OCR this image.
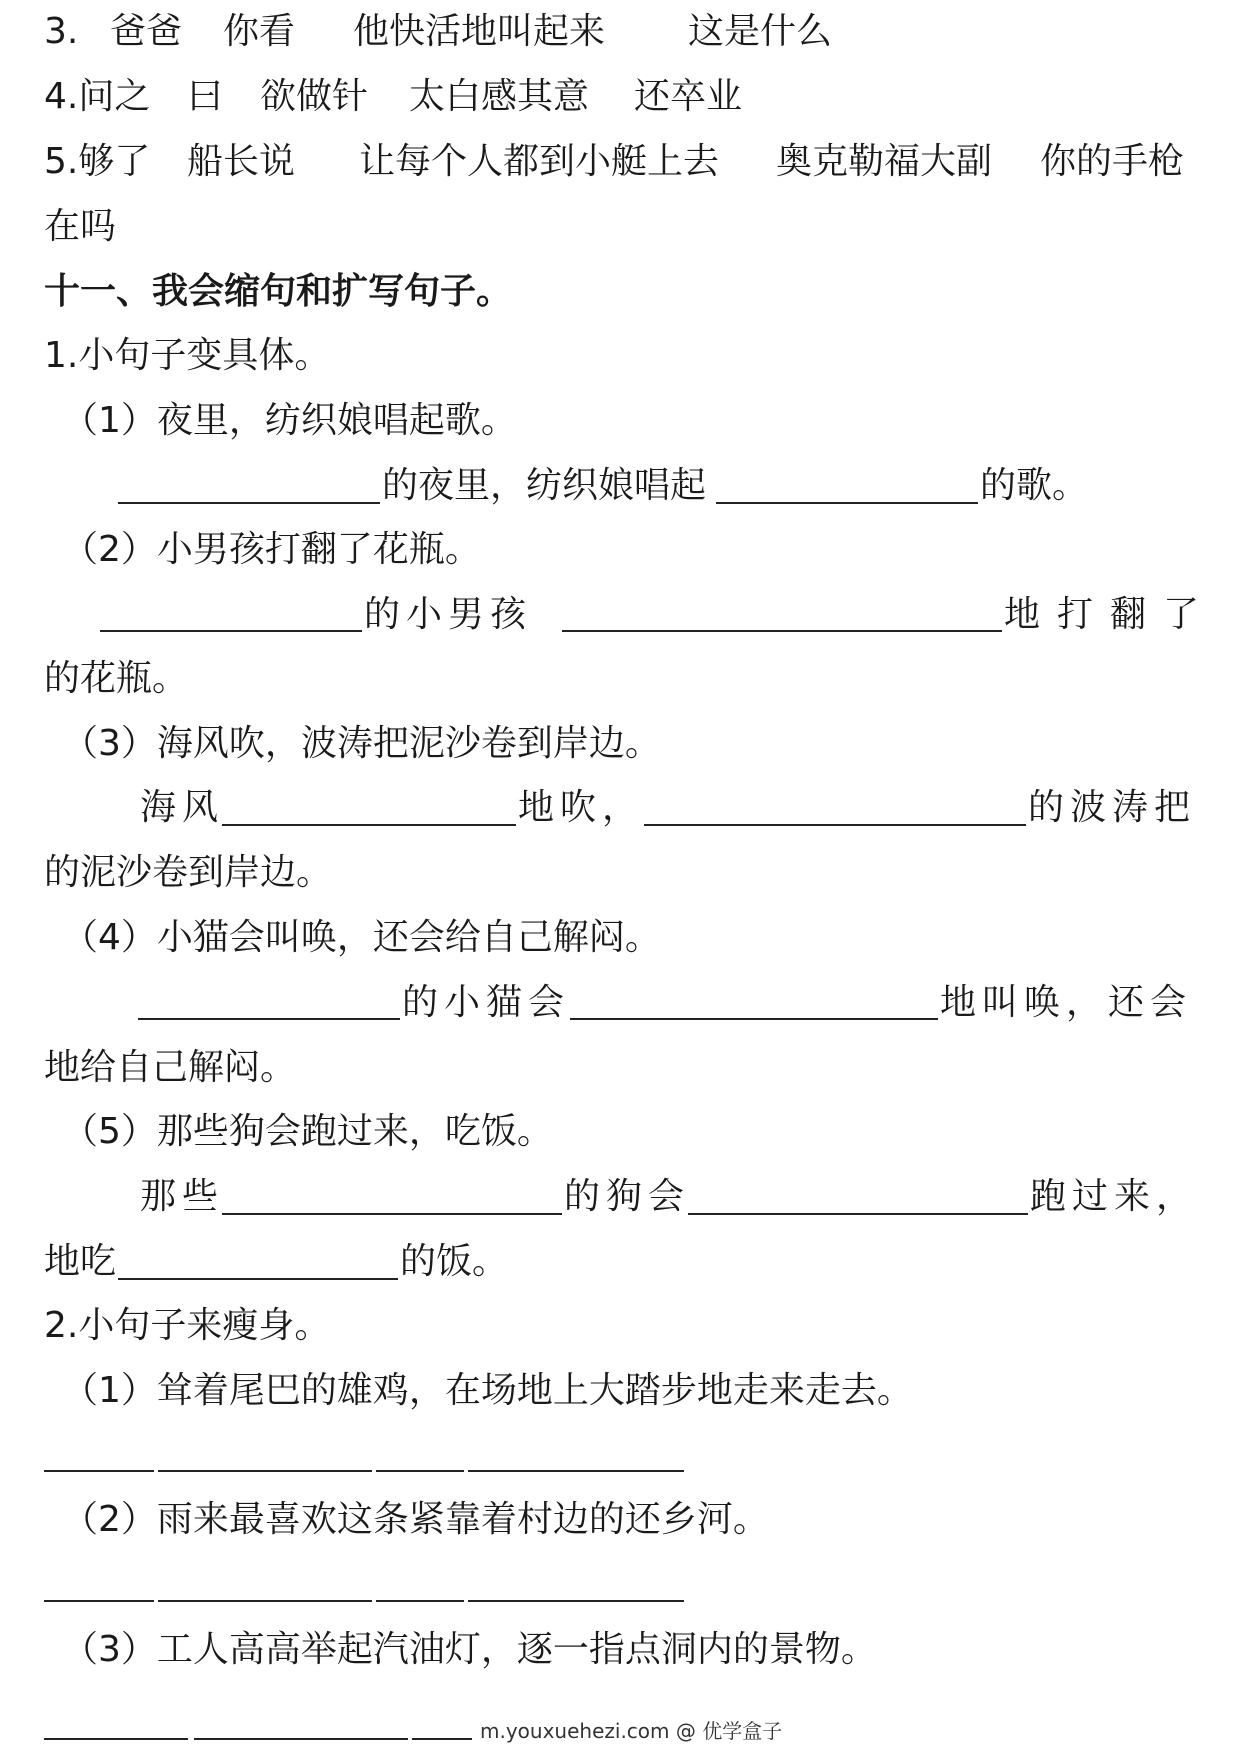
3. 爸爸 你看 他快活地叫起来 这是什么
4.问之 曰 欲做针 太白感其意 还卒业
5.够了 船长说 让每个人都到小艇上去 奥克勒福大副 你的手枪
在吗
十一、我会缩句和扩写句子。
1.小句子变具体。
（1）夜里，纺织娘唱起歌。
的夜里，纺织娘唱起	的歌。
（2）小男孩打翻了花瓶。
的小男孩	地打翻了
的花瓶。
（3）海风吹，波涛把泥沙卷到岸边。
海风	地吹，	的波涛把
的泥沙卷到岸边。
（4）小猫会叫唤，还会给自己解闷。
的小猫会	地叫唤，还会
地给自己解闷。
（5）那些狗会跑过来，吃饭。
那些	的狗会	跑过来，
地吃	的饭。
2.小句子来瘦身。
（1）耸着尾巴的雄鸡，在场地上大踏步地走来走去。
（2）雨来最喜欢这条紧靠着村边的还乡河。
（3）工人高高举起汽油灯，逐一指点洞内的景物。
m.youxuehezi.com @ 优学盒子
